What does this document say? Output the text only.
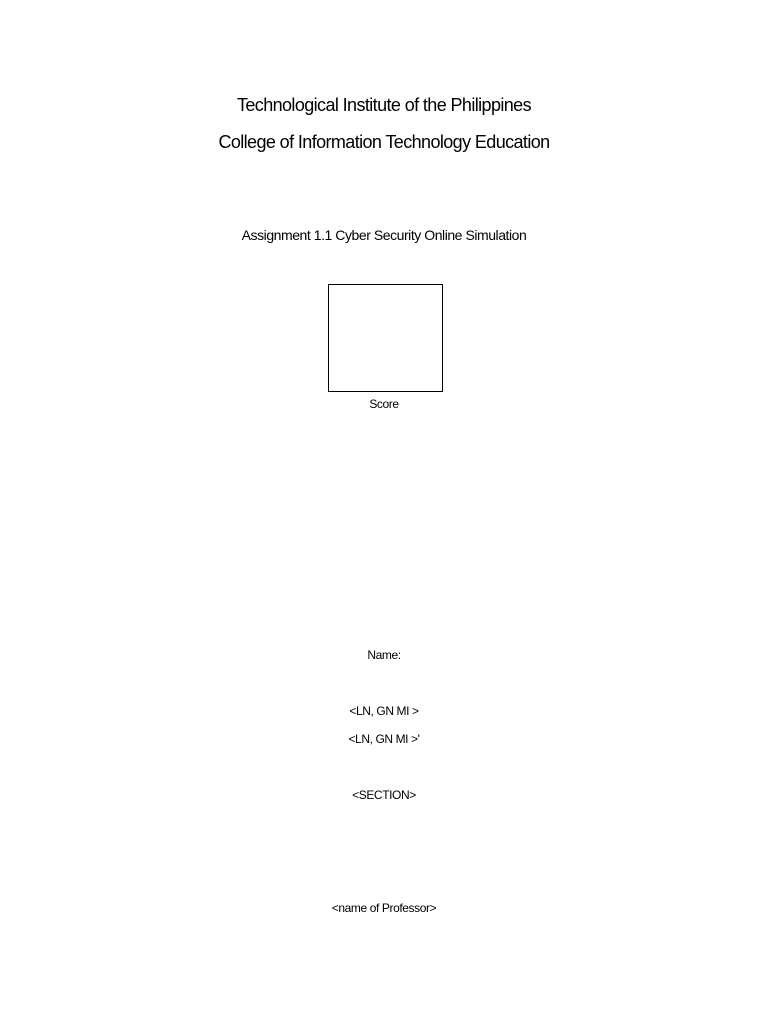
Technological Institute of the Philippines
College of Information Technology Education
Assignment 1.1 Cyber Security Online Simulation
Score
Name:
<LN, GN MI >
<LN, GN MI >'
<SECTION>
<name of Professor>
